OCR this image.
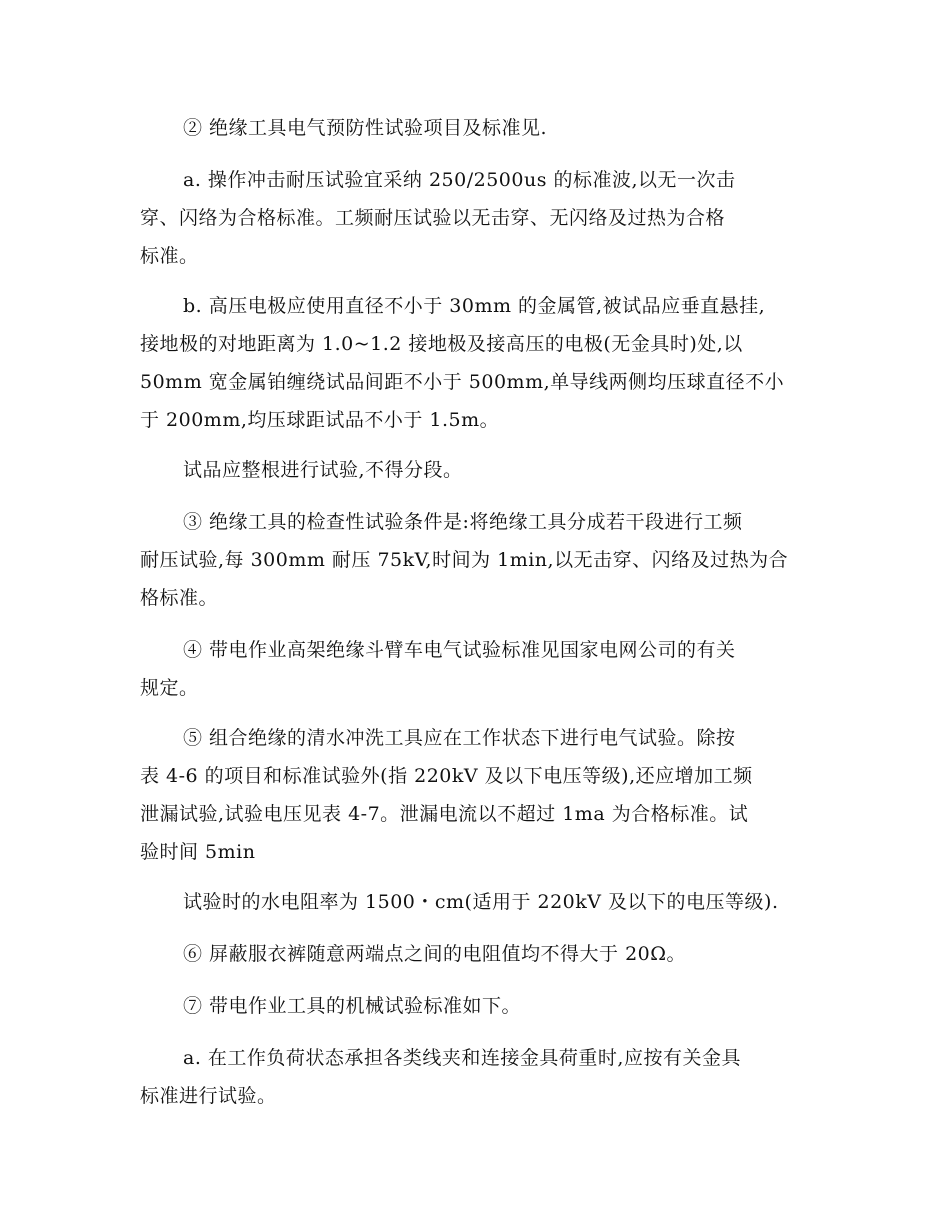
② 绝缘工具电气预防性试验项目及标准见.

a. 操作冲击耐压试验宜采纳 250/2500us 的标准波,以无一次击
穿、闪络为合格标准。工频耐压试验以无击穿、无闪络及过热为合格
标准。

b. 高压电极应使用直径不小于 30mm 的金属管,被试品应垂直悬挂,
接地极的对地距离为 1.0~1.2 接地极及接高压的电极(无金具时)处,以
50mm 宽金属铂缠绕试品间距不小于 500mm,单导线两侧均压球直径不小
于 200mm,均压球距试品不小于 1.5m。

试品应整根进行试验,不得分段。

③ 绝缘工具的检查性试验条件是:将绝缘工具分成若干段进行工频
耐压试验,每 300mm 耐压 75kV,时间为 1min,以无击穿、闪络及过热为合
格标准。

④ 带电作业高架绝缘斗臂车电气试验标准见国家电网公司的有关
规定。

⑤ 组合绝缘的清水冲洗工具应在工作状态下进行电气试验。除按
表 4-6 的项目和标准试验外(指 220kV 及以下电压等级),还应增加工频
泄漏试验,试验电压见表 4-7。泄漏电流以不超过 1ma 为合格标准。试
验时间 5min

试验时的水电阻率为 1500・cm(适用于 220kV 及以下的电压等级).

⑥ 屏蔽服衣裤随意两端点之间的电阻值均不得大于 20Ω。

⑦ 带电作业工具的机械试验标准如下。

a. 在工作负荷状态承担各类线夹和连接金具荷重时,应按有关金具
标准进行试验。
